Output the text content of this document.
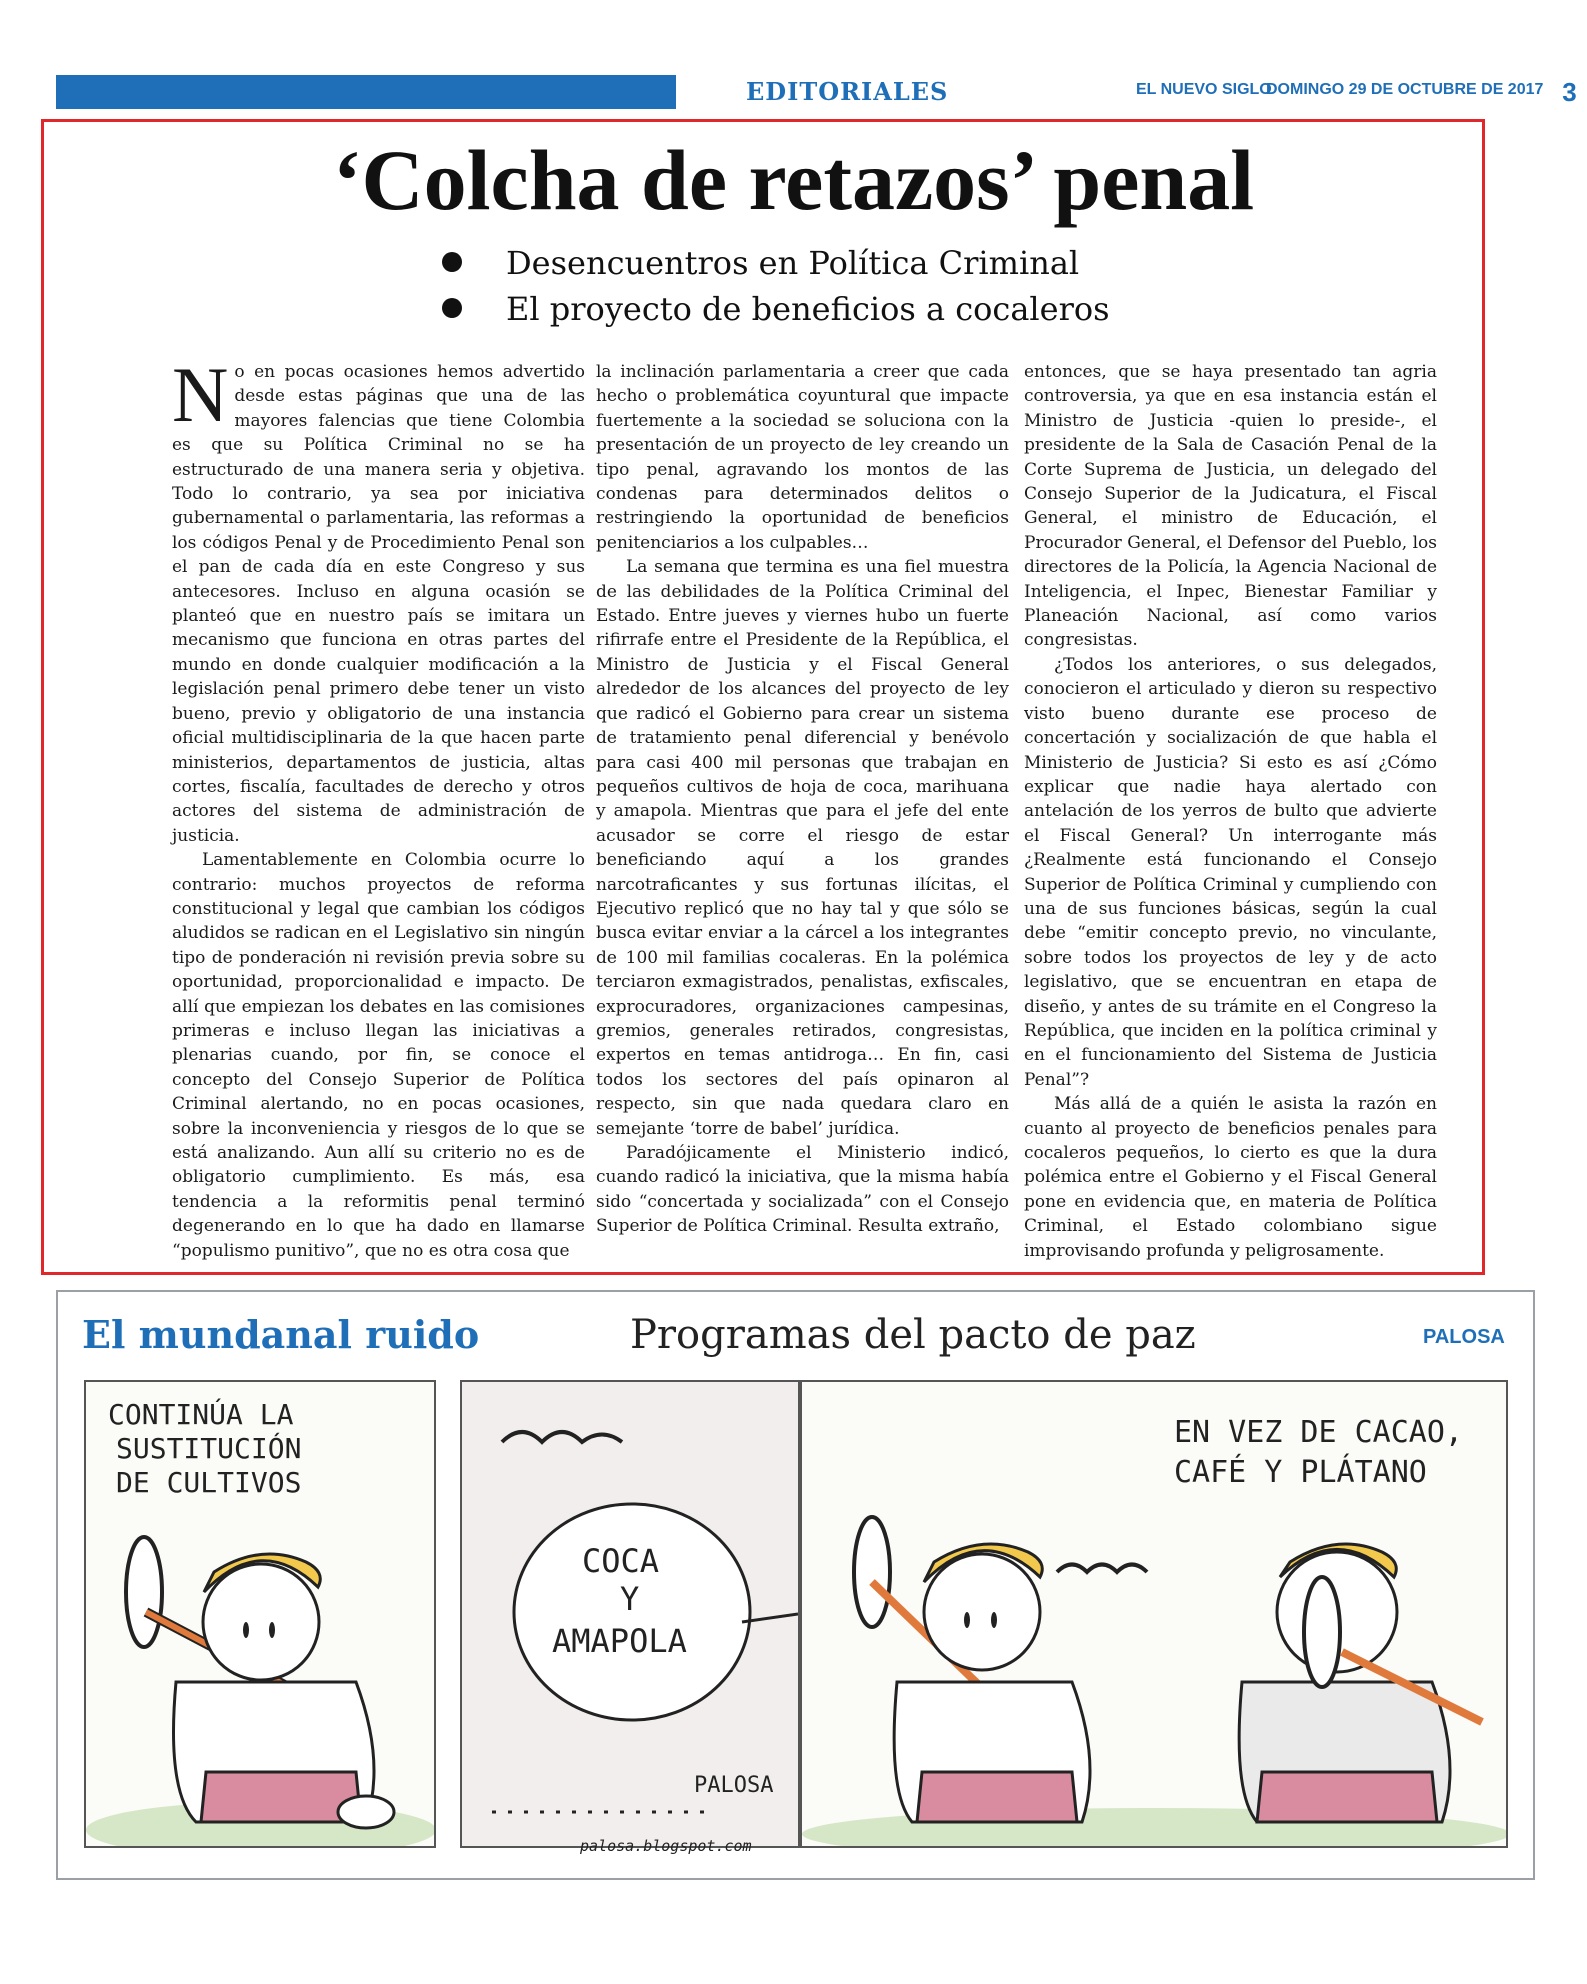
EDITORIALES	EL NUEVO SIGLO
DOMINGO 29 DE OCTUBRE DE 2017 3
‘Colcha de retazos’ penal
Desencuentros en Política Criminal
El proyecto de beneficios a cocaleros

No en pocas ocasiones hemos advertido desde estas páginas que una de las mayores falencias que tiene Colombia es que su Política Criminal no se ha estructurado de una manera seria y objetiva. Todo lo contrario, ya sea por iniciativa gubernamental o parlamentaria, las reformas a los códigos Penal y de Procedimiento Penal son el pan de cada día en este Congreso y sus antecesores. Incluso en alguna ocasión se planteó que en nuestro país se imitara un mecanismo que funciona en otras partes del mundo en donde cualquier modificación a la legislación penal primero debe tener un visto bueno, previo y obligatorio de una instancia oficial multidisciplinaria de la que hacen parte ministerios, departamentos de justicia, altas cortes, fiscalía, facultades de derecho y otros actores del sistema de administración de justicia.

Lamentablemente en Colombia ocurre lo contrario: muchos proyectos de reforma constitucional y legal que cambian los códigos aludidos se radican en el Legislativo sin ningún tipo de ponderación ni revisión previa sobre su oportunidad, proporcionalidad e impacto. De allí que empiezan los debates en las comisiones primeras e incluso llegan las iniciativas a plenarias cuando, por fin, se conoce el concepto del Consejo Superior de Política Criminal alertando, no en pocas ocasiones, sobre la inconveniencia y riesgos de lo que se está analizando. Aun allí su criterio no es de obligatorio cumplimiento. Es más, esa tendencia a la reformitis penal terminó degenerando en lo que ha dado en llamarse “populismo punitivo”, que no es otra cosa que

la inclinación parlamentaria a creer que cada hecho o problemática coyuntural que impacte fuertemente a la sociedad se soluciona con la presentación de un proyecto de ley creando un tipo penal, agravando los montos de las condenas para determinados delitos o restringiendo la oportunidad de beneficios penitenciarios a los culpables…

La semana que termina es una fiel muestra de las debilidades de la Política Criminal del Estado. Entre jueves y viernes hubo un fuerte rifirrafe entre el Presidente de la República, el Ministro de Justicia y el Fiscal General alrededor de los alcances del proyecto de ley que radicó el Gobierno para crear un sistema de tratamiento penal diferencial y benévolo para casi 400 mil personas que trabajan en pequeños cultivos de hoja de coca, marihuana y amapola. Mientras que para el jefe del ente acusador se corre el riesgo de estar beneficiando aquí a los grandes narcotraficantes y sus fortunas ilícitas, el Ejecutivo replicó que no hay tal y que sólo se busca evitar enviar a la cárcel a los integrantes de 100 mil familias cocaleras. En la polémica terciaron exmagistrados, penalistas, exfiscales, exprocuradores, organizaciones campesinas, gremios, generales retirados, congresistas, expertos en temas antidroga… En fin, casi todos los sectores del país opinaron al respecto, sin que nada quedara claro en semejante ‘torre de babel’ jurídica.

Paradójicamente el Ministerio indicó, cuando radicó la iniciativa, que la misma había sido “concertada y socializada” con el Consejo Superior de Política Criminal. Resulta extraño,

entonces, que se haya presentado tan agria controversia, ya que en esa instancia están el Ministro de Justicia -quien lo preside-, el presidente de la Sala de Casación Penal de la Corte Suprema de Justicia, un delegado del Consejo Superior de la Judicatura, el Fiscal General, el ministro de Educación, el Procurador General, el Defensor del Pueblo, los directores de la Policía, la Agencia Nacional de Inteligencia, el Inpec, Bienestar Familiar y Planeación Nacional, así como varios congresistas.

¿Todos los anteriores, o sus delegados, conocieron el articulado y dieron su respectivo visto bueno durante ese proceso de concertación y socialización de que habla el Ministerio de Justicia? Si esto es así ¿Cómo explicar que nadie haya alertado con antelación de los yerros de bulto que advierte el Fiscal General? Un interrogante más ¿Realmente está funcionando el Consejo Superior de Política Criminal y cumpliendo con una de sus funciones básicas, según la cual debe “emitir concepto previo, no vinculante, sobre todos los proyectos de ley y de acto legislativo, que se encuentran en etapa de diseño, y antes de su trámite en el Congreso la República, que inciden en la política criminal y en el funcionamiento del Sistema de Justicia Penal”?

Más allá de a quién le asista la razón en cuanto al proyecto de beneficios penales para cocaleros pequeños, lo cierto es que la dura polémica entre el Gobierno y el Fiscal General pone en evidencia que, en materia de Política Criminal, el Estado colombiano sigue improvisando profunda y peligrosamente.

El mundanal ruido	Programas del pacto de paz	PALOSA
CONTINÚA LA
SUSTITUCIÓN
DE CULTIVOS
COCA
Y
AMAPOLA
PALOSA
EN VEZ DE CACAO,
CAFÉ Y PLÁTANO
palosa.blogspot.com
